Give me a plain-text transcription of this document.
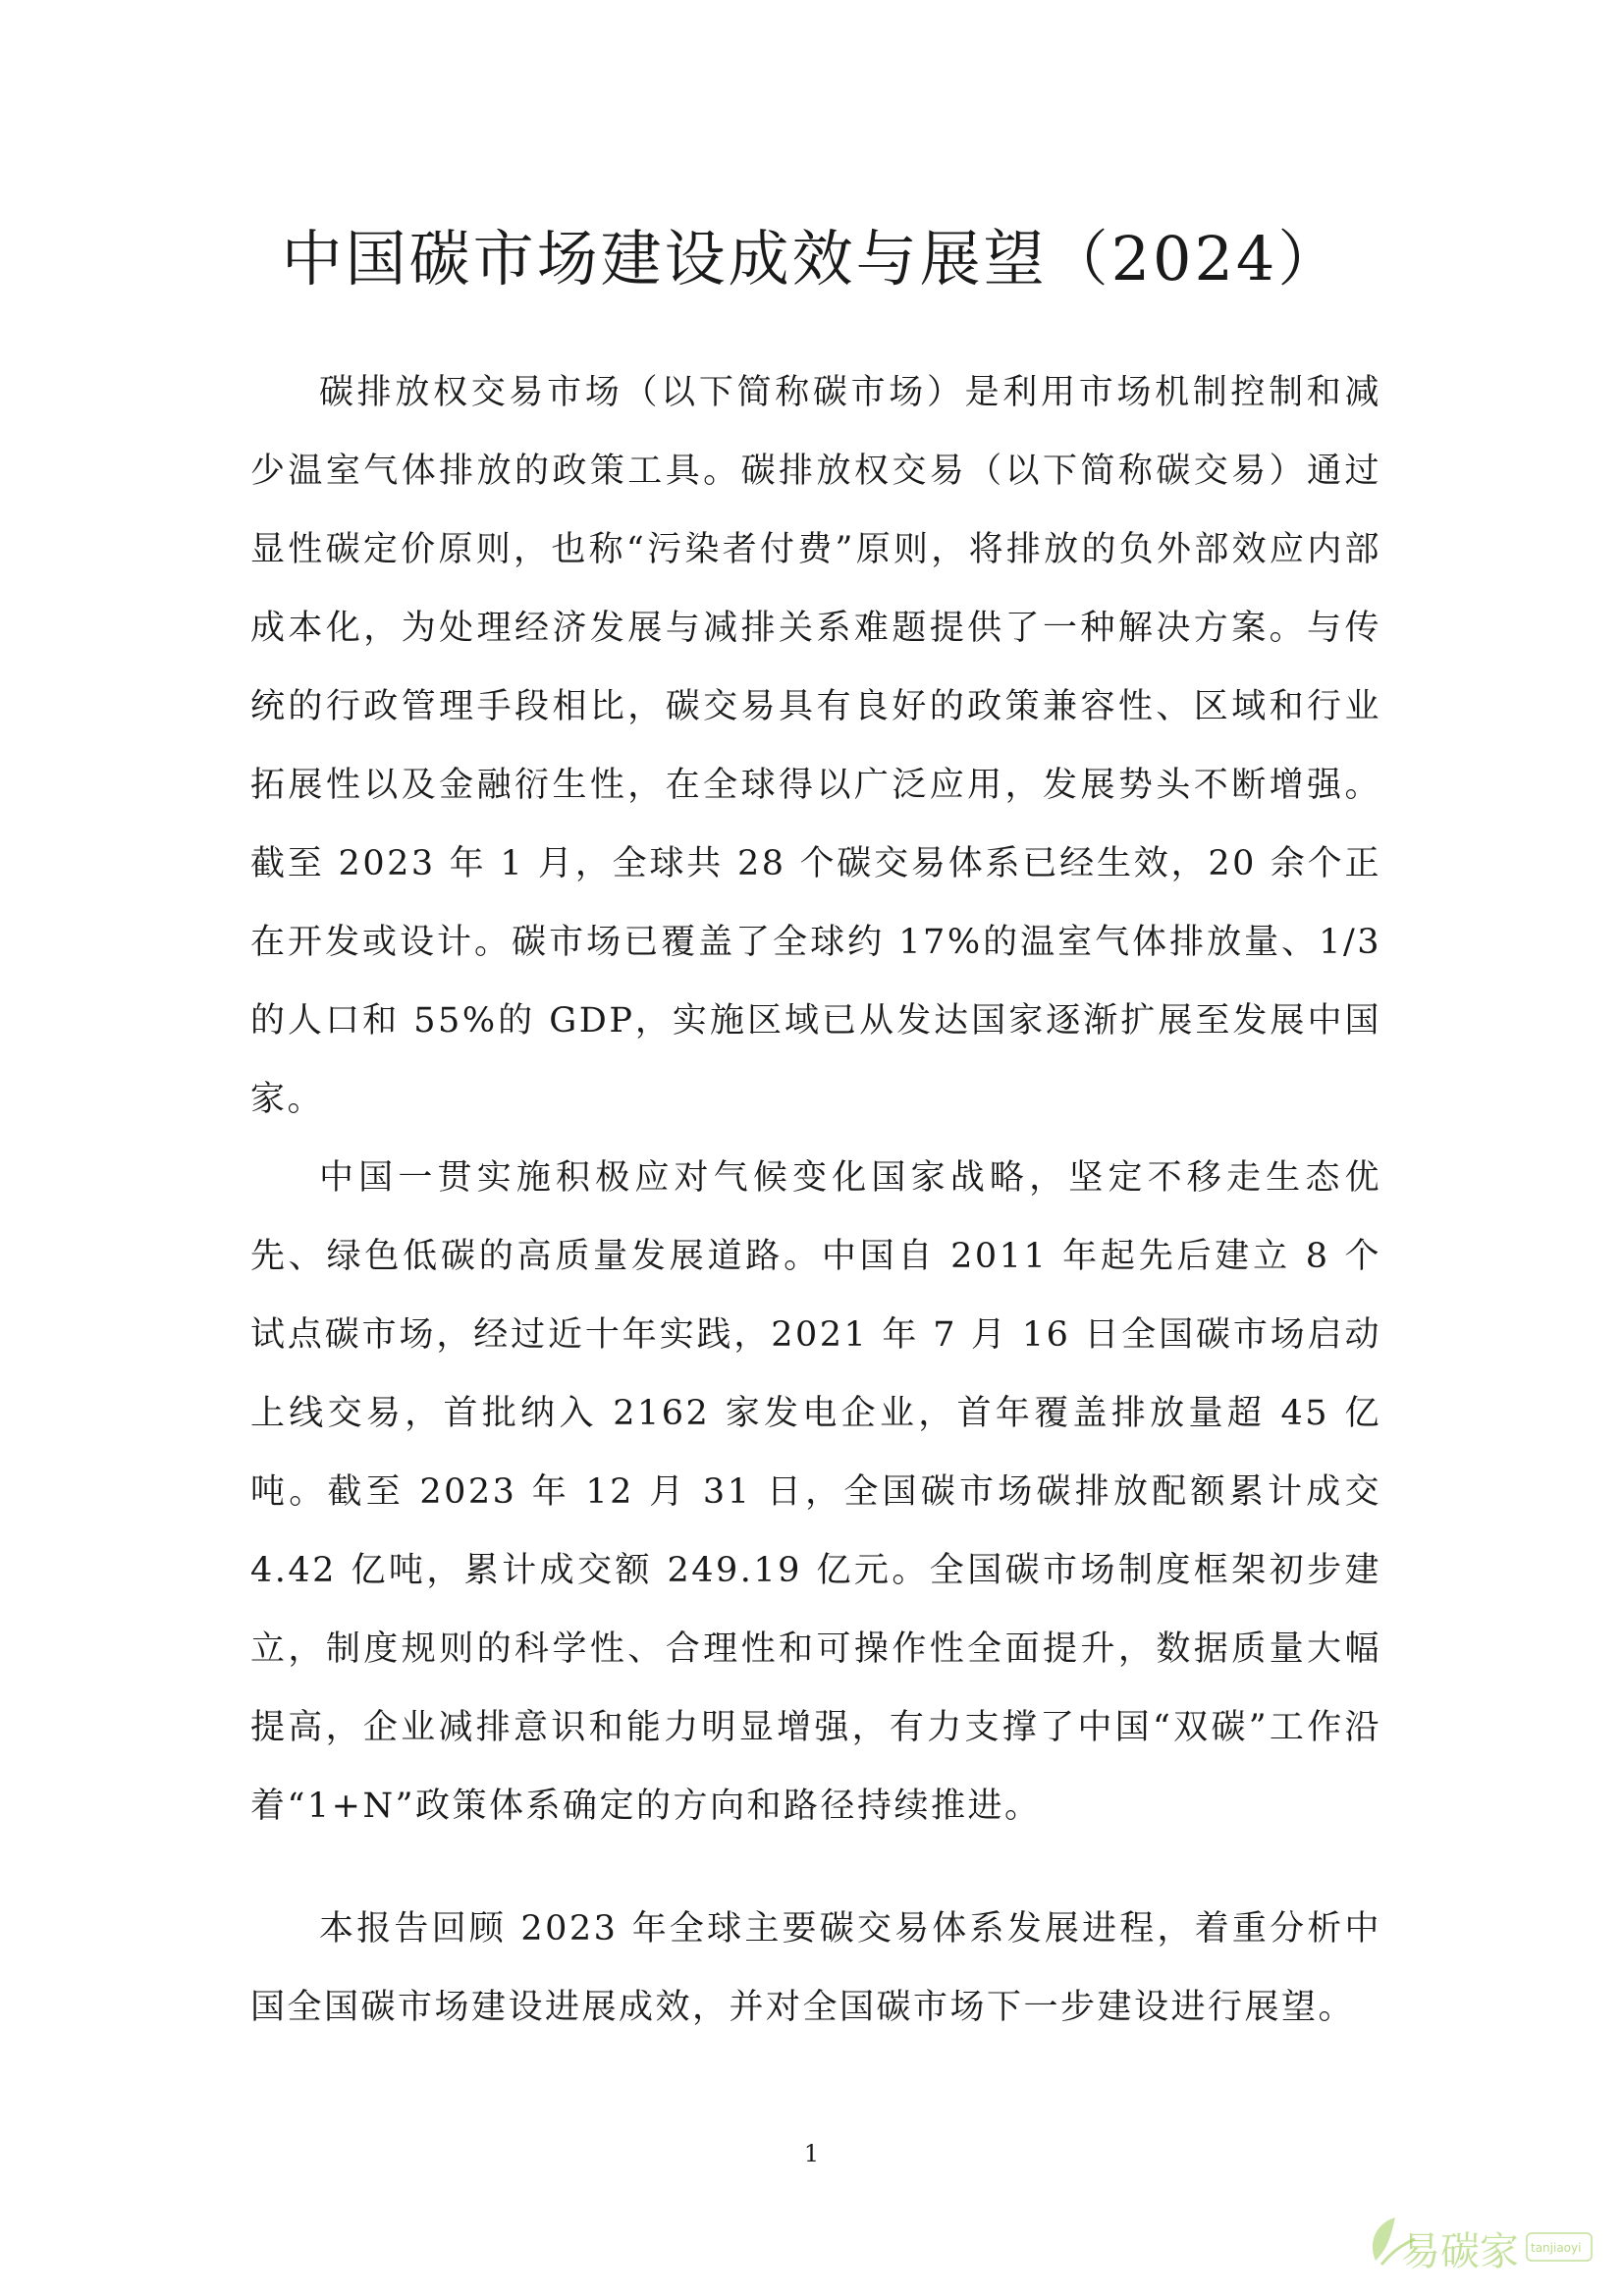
中国碳市场建设成效与展望（2024）

碳排放权交易市场（以下简称碳市场）是利用市场机制控制和减少温室气体排放的政策工具。碳排放权交易（以下简称碳交易）通过显性碳定价原则，也称“污染者付费”原则，将排放的负外部效应内部成本化，为处理经济发展与减排关系难题提供了一种解决方案。与传统的行政管理手段相比，碳交易具有良好的政策兼容性、区域和行业拓展性以及金融衍生性，在全球得以广泛应用，发展势头不断增强。截至 2023 年 1 月，全球共 28 个碳交易体系已经生效，20 余个正在开发或设计。碳市场已覆盖了全球约 17%的温室气体排放量、1/3 的人口和 55%的 GDP，实施区域已从发达国家逐渐扩展至发展中国家。

中国一贯实施积极应对气候变化国家战略，坚定不移走生态优先、绿色低碳的高质量发展道路。中国自 2011 年起先后建立 8 个试点碳市场，经过近十年实践，2021 年 7 月 16 日全国碳市场启动上线交易，首批纳入 2162 家发电企业，首年覆盖排放量超 45 亿吨。截至 2023 年 12 月 31 日，全国碳市场碳排放配额累计成交 4.42 亿吨，累计成交额 249.19 亿元。全国碳市场制度框架初步建立，制度规则的科学性、合理性和可操作性全面提升，数据质量大幅提高，企业减排意识和能力明显增强，有力支撑了中国“双碳”工作沿着“1+N”政策体系确定的方向和路径持续推进。

本报告回顾 2023 年全球主要碳交易体系发展进程，着重分析中国全国碳市场建设进展成效，并对全国碳市场下一步建设进行展望。

1
易碳家 tanjiaoyi
